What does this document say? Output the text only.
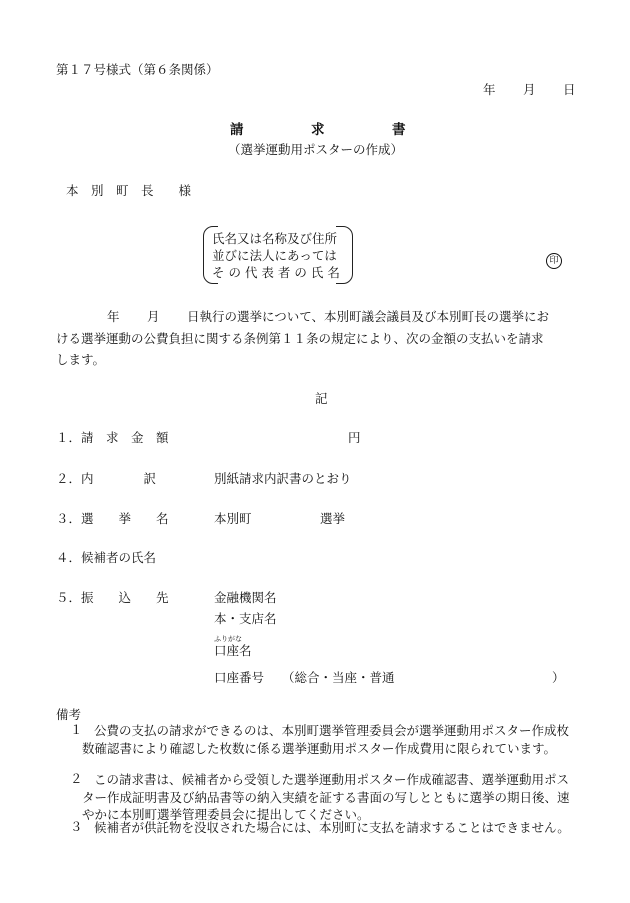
第１７号様式（第６条関係）
年 月 日
請　　　　　求　　　　　書
（選挙運動用ポスターの作成）
本　別　町　長　　様
氏名又は名称及び住所
並びに法人にあっては
そ の 代 表 者 の 氏 名
印
年 月 日執行の選挙について、本別町議会議員及び本別町長の選挙にお
ける選挙運動の公費負担に関する条例第１１条の規定により、次の金額の支払いを請求
します。
記
１．請　求　金　額	円
２．内　　　　訳	別紙請求内訳書のとおり
３．選　　挙　　名	本別町	選挙
４．候補者の氏名
５．振　　込　　先	金融機関名
本・支店名
ふりがな
口座名
口座番号 （総合・当座・普通	）
備考
１ 公費の支払の請求ができるのは、本別町選挙管理委員会が選挙運動用ポスター作成枚数確認書により確認した枚数に係る選挙運動用ポスター作成費用に限られています。
２ この請求書は、候補者から受領した選挙運動用ポスター作成確認書、選挙運動用ポスター作成証明書及び納品書等の納入実績を証する書面の写しとともに選挙の期日後、速やかに本別町選挙管理委員会に提出してください。
３ 候補者が供託物を没収された場合には、本別町に支払を請求することはできません。
